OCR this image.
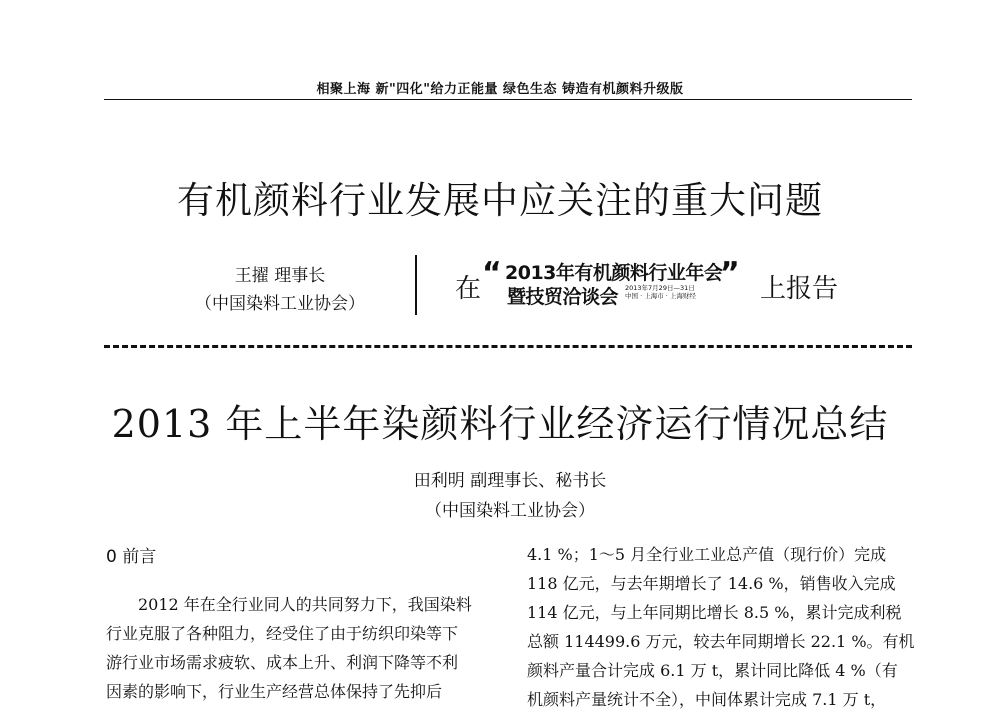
相聚上海 新"四化"给力正能量 绿色生态 铸造有机颜料升级版
有机颜料行业发展中应关注的重大问题
王擢 理事长
（中国染料工业协会）	在 “ 2013年有机颜料行业年会
暨技贸洽谈会 2013年7月29日—31日
中国 · 上海市 · 上海财经
” 上报告
2013 年上半年染颜料行业经济运行情况总结
田利明 副理事长、秘书长
（中国染料工业协会）
0 前言
　　2012 年在全行业同人的共同努力下，我国染料
行业克服了各种阻力，经受住了由于纺织印染等下
游行业市场需求疲软、成本上升、利润下降等不利
因素的影响下，行业生产经营总体保持了先抑后
4.1 %；1～5 月全行业工业总产值（现行价）完成
118 亿元，与去年期增长了 14.6 %，销售收入完成
114 亿元，与上年同期比增长 8.5 %，累计完成利税
总额 114499.6 万元，较去年同期增长 22.1 %。有机
颜料产量合计完成 6.1 万 t，累计同比降低 4 %（有
机颜料产量统计不全），中间体累计完成 7.1 万 t，
